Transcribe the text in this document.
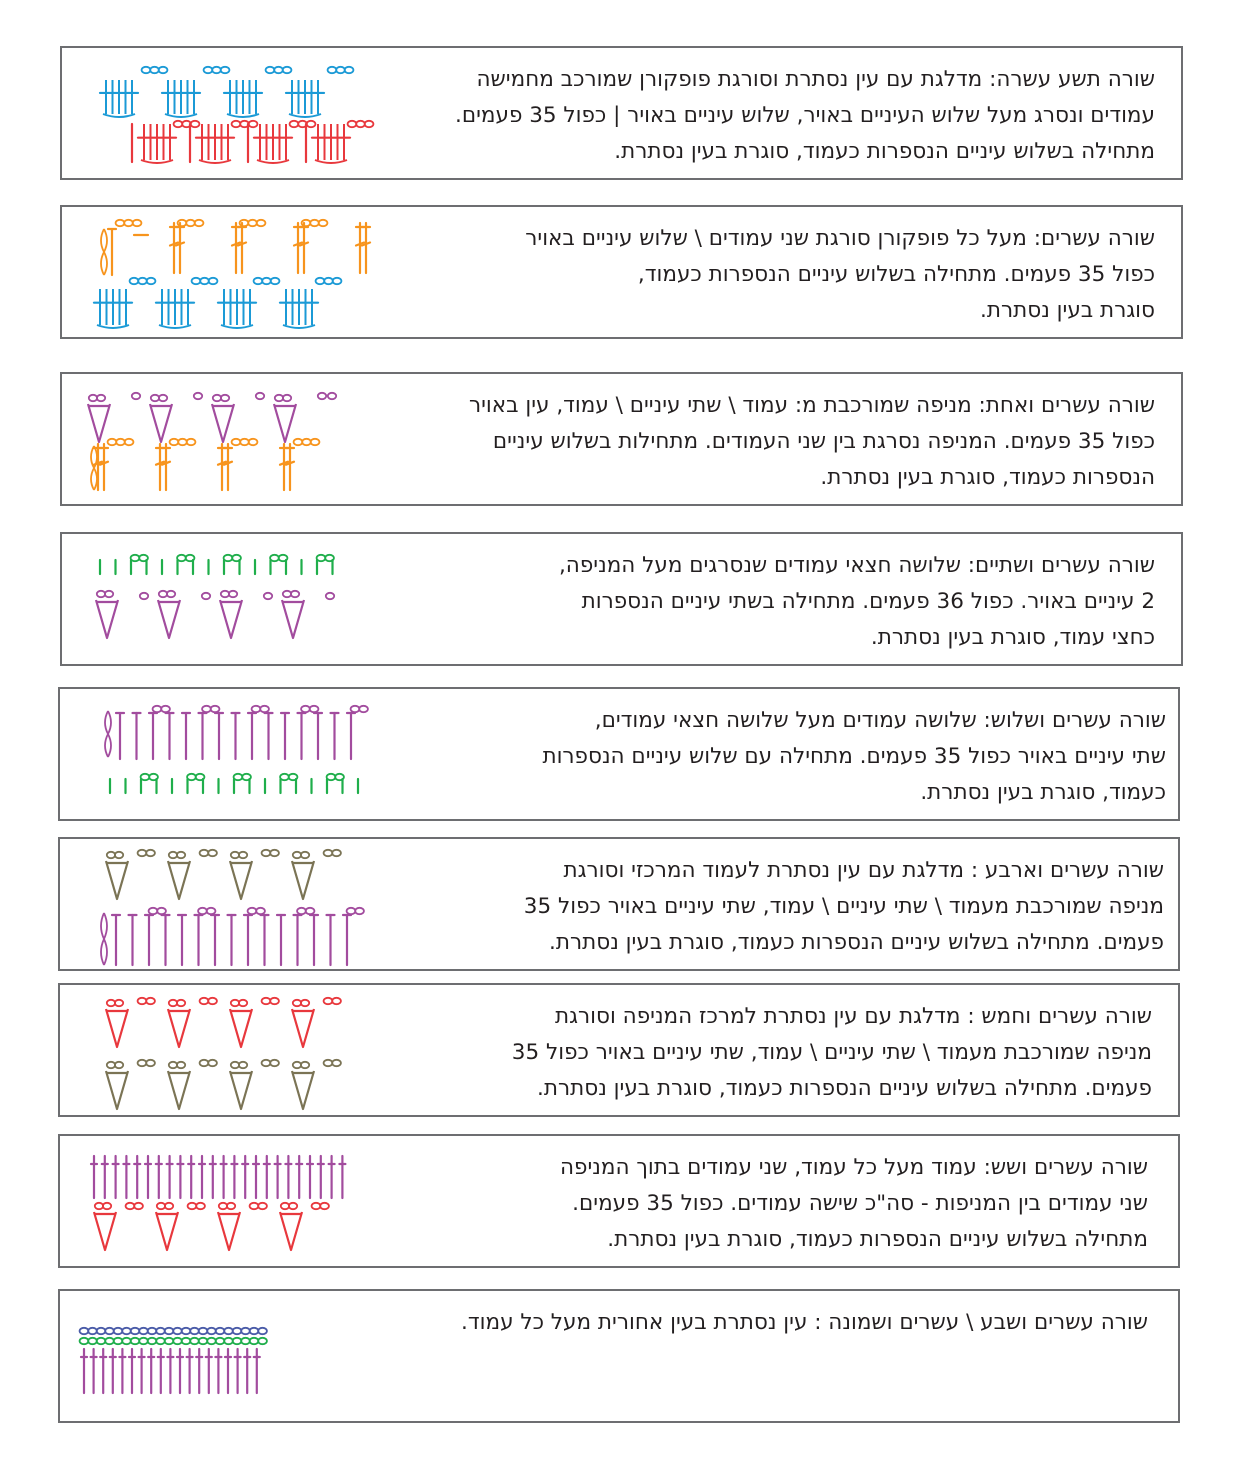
שורה תשע עשרה: מדלגת עם עין נסתרת וסורגת פופקורן שמורכב מחמישה
עמודים ונסרג מעל שלוש העיניים באויר, שלוש עיניים באויר | כפול 35 פעמים.
מתחילה בשלוש עיניים הנספרות כעמוד, סוגרת בעין נסתרת.
שורה עשרים: מעל כל פופקורן סורגת שני עמודים \ שלוש עיניים באויר
כפול 35 פעמים. מתחילה בשלוש עיניים הנספרות כעמוד,
סוגרת בעין נסתרת.
שורה עשרים ואחת: מניפה שמורכבת מ: עמוד \ שתי עיניים \ עמוד, עין באויר
כפול 35 פעמים. המניפה נסרגת בין שני העמודים. מתחילות בשלוש עיניים
הנספרות כעמוד, סוגרת בעין נסתרת.
שורה עשרים ושתיים: שלושה חצאי עמודים שנסרגים מעל המניפה,
2 עיניים באויר. כפול 36 פעמים. מתחילה בשתי עיניים הנספרות
כחצי עמוד, סוגרת בעין נסתרת.
שורה עשרים ושלוש: שלושה עמודים מעל שלושה חצאי עמודים,
שתי עיניים באויר כפול 35 פעמים. מתחילה עם שלוש עיניים הנספרות
כעמוד, סוגרת בעין נסתרת.
שורה עשרים וארבע : מדלגת עם עין נסתרת לעמוד המרכזי וסורגת
מניפה שמורכבת מעמוד \ שתי עיניים \ עמוד, שתי עיניים באויר כפול 35
פעמים. מתחילה בשלוש עיניים הנספרות כעמוד, סוגרת בעין נסתרת.
שורה עשרים וחמש : מדלגת עם עין נסתרת למרכז המניפה וסורגת
מניפה שמורכבת מעמוד \ שתי עיניים \ עמוד, שתי עיניים באויר כפול 35
פעמים. מתחילה בשלוש עיניים הנספרות כעמוד, סוגרת בעין נסתרת.
שורה עשרים ושש: עמוד מעל כל עמוד, שני עמודים בתוך המניפה
שני עמודים בין המניפות - סה"כ שישה עמודים. כפול 35 פעמים.
מתחילה בשלוש עיניים הנספרות כעמוד, סוגרת בעין נסתרת.
שורה עשרים ושבע \ עשרים ושמונה : עין נסתרת בעין אחורית מעל כל עמוד.
